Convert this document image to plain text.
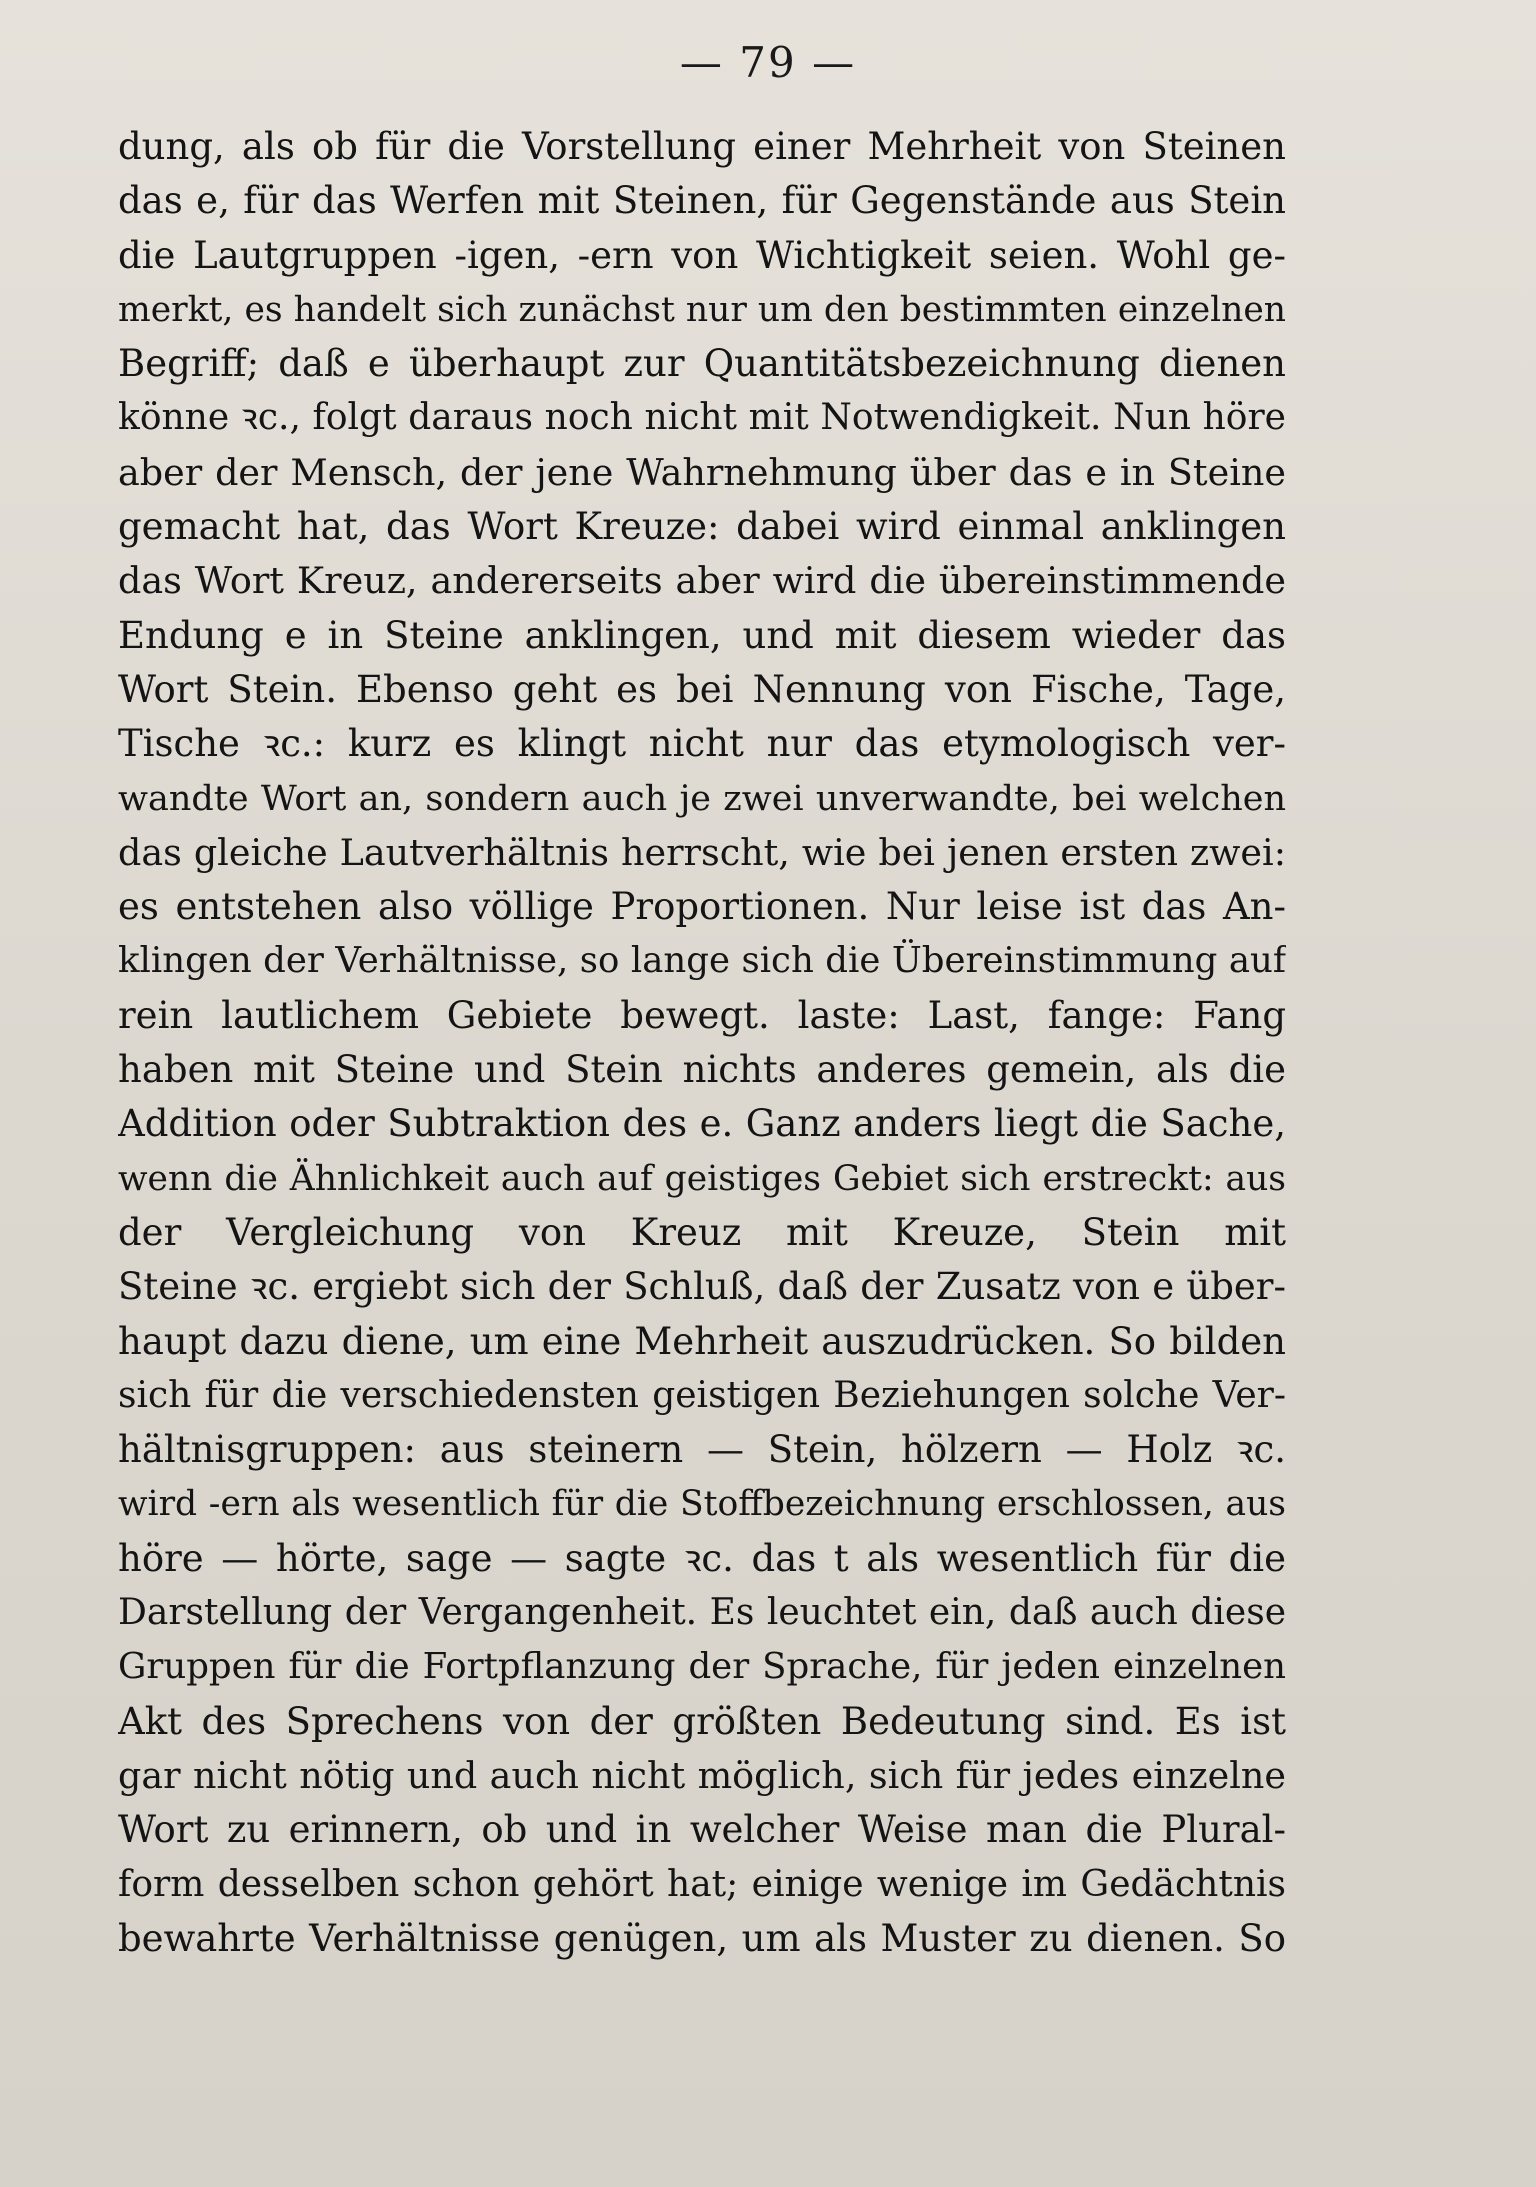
— 79 —
dung, als ob für die Vorstellung einer Mehrheit von Steinen
das e, für das Werfen mit Steinen, für Gegenstände aus Stein
die Lautgruppen -igen, -ern von Wichtigkeit seien. Wohl ge-
merkt, es handelt sich zunächst nur um den bestimmten einzelnen
Begriff; daß e überhaupt zur Quantitätsbezeichnung dienen
könne ꝛc., folgt daraus noch nicht mit Notwendigkeit. Nun höre
aber der Mensch, der jene Wahrnehmung über das e in Steine
gemacht hat, das Wort Kreuze: dabei wird einmal anklingen
das Wort Kreuz, andererseits aber wird die übereinstimmende
Endung e in Steine anklingen, und mit diesem wieder das
Wort Stein. Ebenso geht es bei Nennung von Fische, Tage,
Tische ꝛc.: kurz es klingt nicht nur das etymologisch ver-
wandte Wort an, sondern auch je zwei unverwandte, bei welchen
das gleiche Lautverhältnis herrscht, wie bei jenen ersten zwei:
es entstehen also völlige Proportionen. Nur leise ist das An-
klingen der Verhältnisse, so lange sich die Übereinstimmung auf
rein lautlichem Gebiete bewegt. laste: Last, fange: Fang
haben mit Steine und Stein nichts anderes gemein, als die
Addition oder Subtraktion des e. Ganz anders liegt die Sache,
wenn die Ähnlichkeit auch auf geistiges Gebiet sich erstreckt: aus
der Vergleichung von Kreuz mit Kreuze, Stein mit
Steine ꝛc. ergiebt sich der Schluß, daß der Zusatz von e über-
haupt dazu diene, um eine Mehrheit auszudrücken. So bilden
sich für die verschiedensten geistigen Beziehungen solche Ver-
hältnisgruppen: aus steinern — Stein, hölzern — Holz ꝛc.
wird -ern als wesentlich für die Stoffbezeichnung erschlossen, aus
höre — hörte, sage — sagte ꝛc. das t als wesentlich für die
Darstellung der Vergangenheit. Es leuchtet ein, daß auch diese
Gruppen für die Fortpflanzung der Sprache, für jeden einzelnen
Akt des Sprechens von der größten Bedeutung sind. Es ist
gar nicht nötig und auch nicht möglich, sich für jedes einzelne
Wort zu erinnern, ob und in welcher Weise man die Plural-
form desselben schon gehört hat; einige wenige im Gedächtnis
bewahrte Verhältnisse genügen, um als Muster zu dienen. So
